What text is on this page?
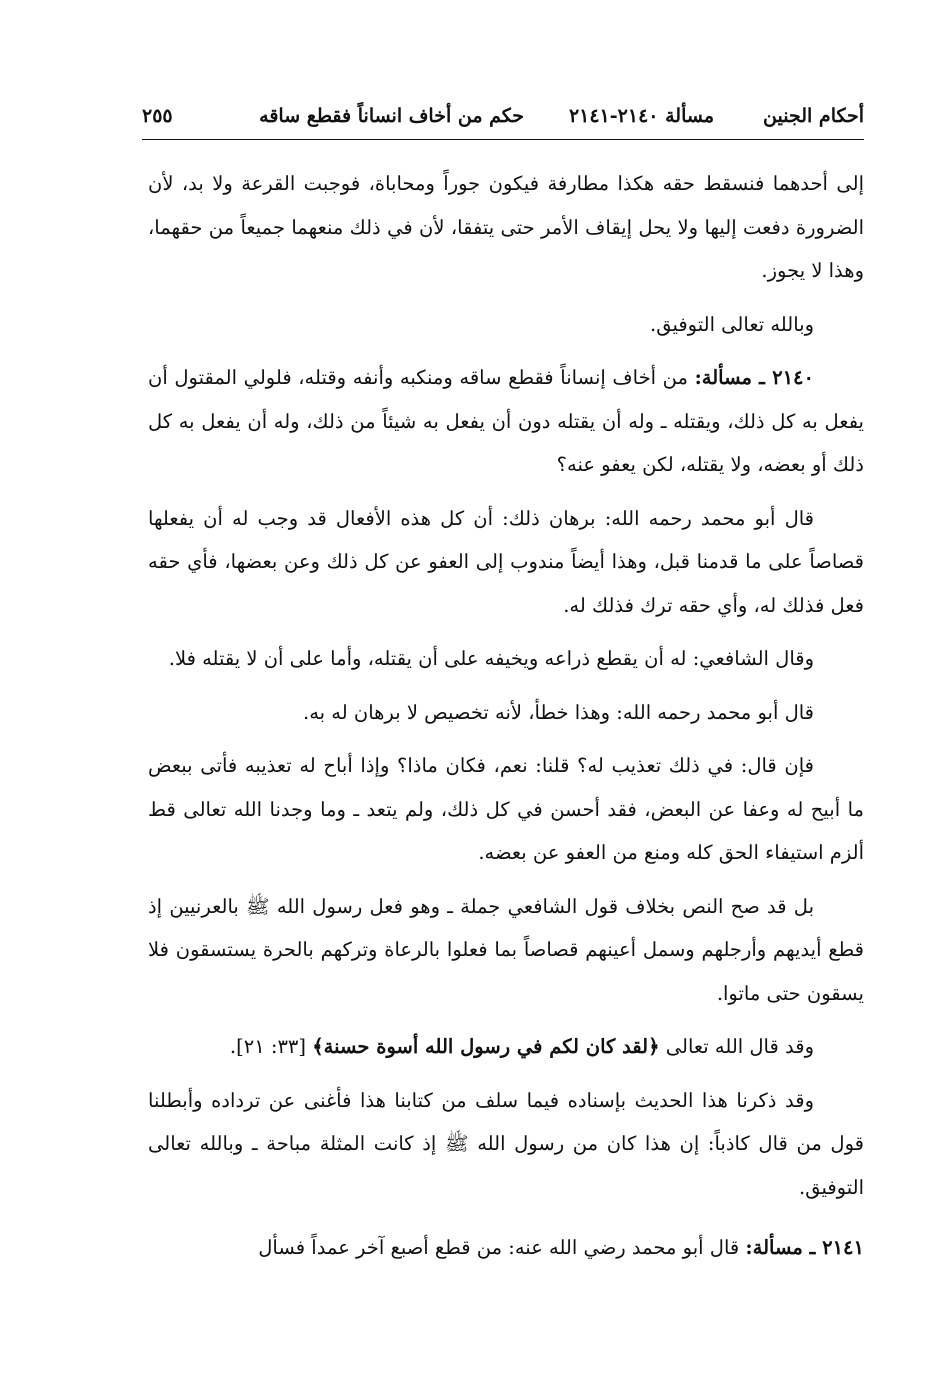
أحكام الجنين
مسألة ٢١٤٠-٢١٤١
حكم من أخاف انساناً فقطع ساقه
٢٥٥

إلى أحدهما فنسقط حقه هكذا مطارفة فيكون جوراً ومحاباة، فوجبت القرعة ولا بد، لأن الضرورة دفعت إليها ولا يحل إيقاف الأمر حتى يتفقا، لأن في ذلك منعهما جميعاً من حقهما، وهذا لا يجوز.

وبالله تعالى التوفيق.

٢١٤٠ ـ مسألة: من أخاف إنساناً فقطع ساقه ومنكبه وأنفه وقتله، فلولي المقتول أن يفعل به كل ذلك، ويقتله ـ وله أن يقتله دون أن يفعل به شيئاً من ذلك، وله أن يفعل به كل ذلك أو بعضه، ولا يقتله، لكن يعفو عنه؟

قال أبو محمد رحمه الله: برهان ذلك: أن كل هذه الأفعال قد وجب له أن يفعلها قصاصاً على ما قدمنا قبل، وهذا أيضاً مندوب إلى العفو عن كل ذلك وعن بعضها، فأي حقه فعل فذلك له، وأي حقه ترك فذلك له.

وقال الشافعي: له أن يقطع ذراعه ويخيفه على أن يقتله، وأما على أن لا يقتله فلا.

قال أبو محمد رحمه الله: وهذا خطأ، لأنه تخصيص لا برهان له به.

فإن قال: في ذلك تعذيب له؟ قلنا: نعم، فكان ماذا؟ وإذا أباح له تعذيبه فأتى ببعض ما أبيح له وعفا عن البعض، فقد أحسن في كل ذلك، ولم يتعد ـ وما وجدنا الله تعالى قط ألزم استيفاء الحق كله ومنع من العفو عن بعضه.

بل قد صح النص بخلاف قول الشافعي جملة ـ وهو فعل رسول الله ﷺ بالعرنيين إذ قطع أيديهم وأرجلهم وسمل أعينهم قصاصاً بما فعلوا بالرعاة وتركهم بالحرة يستسقون فلا يسقون حتى ماتوا.

وقد قال الله تعالى ﴿لقد كان لكم في رسول الله أسوة حسنة﴾ [٣٣: ٢١].

وقد ذكرنا هذا الحديث بإسناده فيما سلف من كتابنا هذا فأغنى عن ترداده وأبطلنا قول من قال كاذباً: إن هذا كان من رسول الله ﷺ إذ كانت المثلة مباحة ـ وبالله تعالى التوفيق.

٢١٤١ ـ مسألة: قال أبو محمد رضي الله عنه: من قطع أصبع آخر عمداً فسأل
